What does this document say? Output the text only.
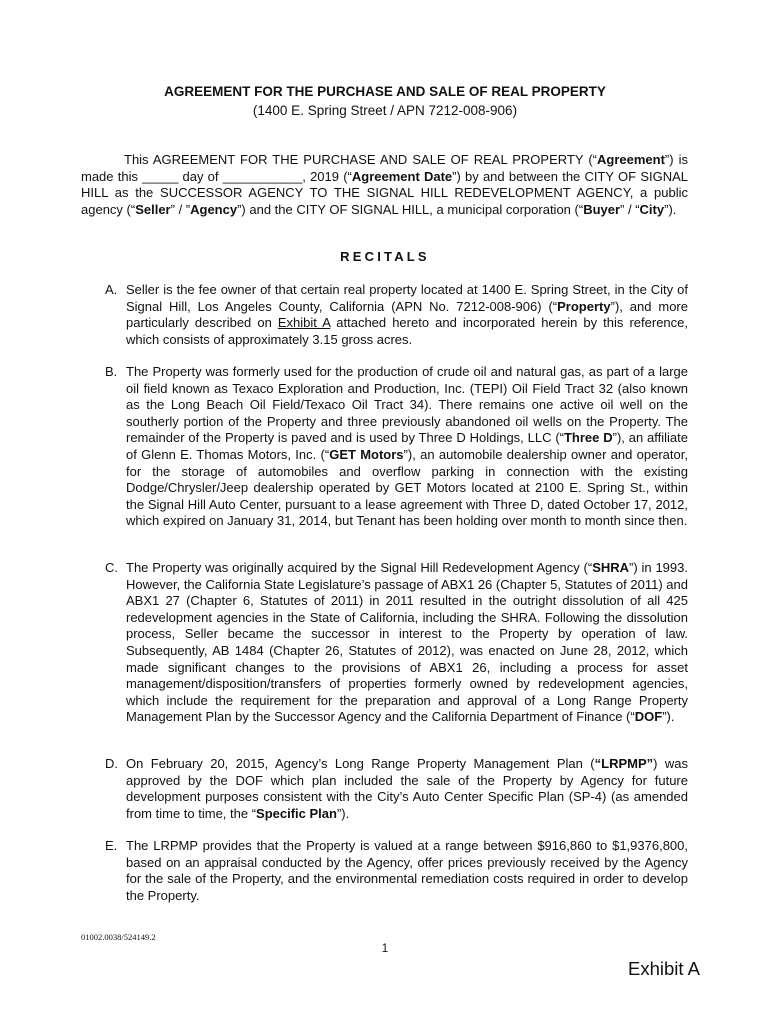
AGREEMENT FOR THE PURCHASE AND SALE OF REAL PROPERTY
(1400 E. Spring Street / APN 7212-008-906)

This AGREEMENT FOR THE PURCHASE AND SALE OF REAL PROPERTY (“Agreement”) is made this _____ day of ___________, 2019 (“Agreement Date”) by and between the CITY OF SIGNAL HILL as the SUCCESSOR AGENCY TO THE SIGNAL HILL REDEVELOPMENT AGENCY, a public agency (“Seller” / ”Agency”) and the CITY OF SIGNAL HILL, a municipal corporation (“Buyer” / “City”).

RECITALS
A. Seller is the fee owner of that certain real property located at 1400 E. Spring Street, in the City of Signal Hill, Los Angeles County, California (APN No. 7212-008-906) (“Property”), and more particularly described on Exhibit A attached hereto and incorporated herein by this reference, which consists of approximately 3.15 gross acres.
B. The Property was formerly used for the production of crude oil and natural gas, as part of a large oil field known as Texaco Exploration and Production, Inc. (TEPI) Oil Field Tract 32 (also known as the Long Beach Oil Field/Texaco Oil Tract 34). There remains one active oil well on the southerly portion of the Property and three previously abandoned oil wells on the Property. The remainder of the Property is paved and is used by Three D Holdings, LLC (“Three D”), an affiliate of Glenn E. Thomas Motors, Inc. (“GET Motors”), an automobile dealership owner and operator, for the storage of automobiles and overflow parking in connection with the existing Dodge/Chrysler/Jeep dealership operated by GET Motors located at 2100 E. Spring St., within the Signal Hill Auto Center, pursuant to a lease agreement with Three D, dated October 17, 2012, which expired on January 31, 2014, but Tenant has been holding over month to month since then.
C. The Property was originally acquired by the Signal Hill Redevelopment Agency (“SHRA”) in 1993. However, the California State Legislature’s passage of ABX1 26 (Chapter 5, Statutes of 2011) and ABX1 27 (Chapter 6, Statutes of 2011) in 2011 resulted in the outright dissolution of all 425 redevelopment agencies in the State of California, including the SHRA. Following the dissolution process, Seller became the successor in interest to the Property by operation of law. Subsequently, AB 1484 (Chapter 26, Statutes of 2012), was enacted on June 28, 2012, which made significant changes to the provisions of ABX1 26, including a process for asset management/disposition/transfers of properties formerly owned by redevelopment agencies, which include the requirement for the preparation and approval of a Long Range Property Management Plan by the Successor Agency and the California Department of Finance (“DOF”).
D. On February 20, 2015, Agency’s Long Range Property Management Plan (“LRPMP”) was approved by the DOF which plan included the sale of the Property by Agency for future development purposes consistent with the City’s Auto Center Specific Plan (SP-4) (as amended from time to time, the “Specific Plan”).
E. The LRPMP provides that the Property is valued at a range between $916,860 to $1,9376,800, based on an appraisal conducted by the Agency, offer prices previously received by the Agency for the sale of the Property, and the environmental remediation costs required in order to develop the Property.
01002.0038/524149.2
1
Exhibit A
